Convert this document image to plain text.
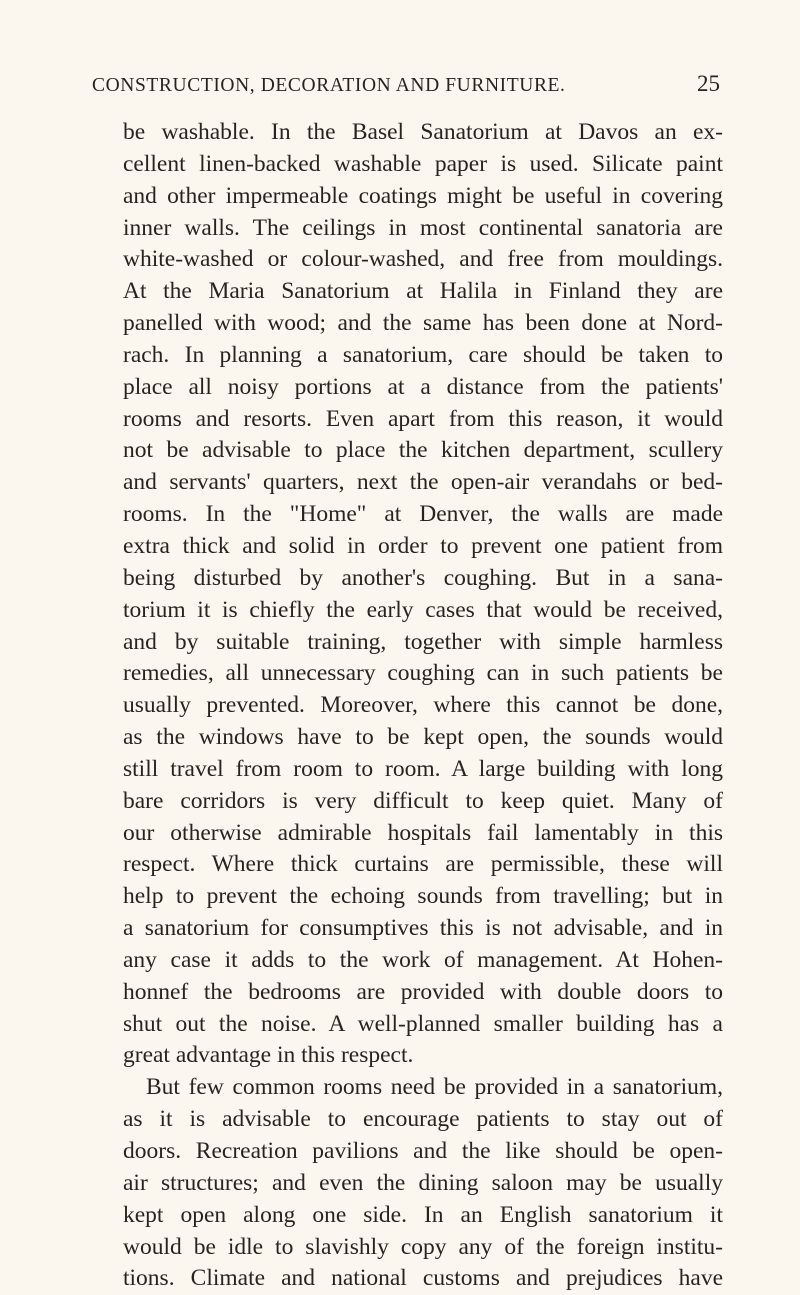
CONSTRUCTION, DECORATION AND FURNITURE.	25
be washable. In the Basel Sanatorium at Davos an ex-
cellent linen-backed washable paper is used. Silicate paint
and other impermeable coatings might be useful in covering
inner walls. The ceilings in most continental sanatoria are
white-washed or colour-washed, and free from mouldings.
At the Maria Sanatorium at Halila in Finland they are
panelled with wood; and the same has been done at Nord-
rach. In planning a sanatorium, care should be taken to
place all noisy portions at a distance from the patients'
rooms and resorts. Even apart from this reason, it would
not be advisable to place the kitchen department, scullery
and servants' quarters, next the open-air verandahs or bed-
rooms. In the "Home" at Denver, the walls are made
extra thick and solid in order to prevent one patient from
being disturbed by another's coughing. But in a sana-
torium it is chiefly the early cases that would be received,
and by suitable training, together with simple harmless
remedies, all unnecessary coughing can in such patients be
usually prevented. Moreover, where this cannot be done,
as the windows have to be kept open, the sounds would
still travel from room to room. A large building with long
bare corridors is very difficult to keep quiet. Many of
our otherwise admirable hospitals fail lamentably in this
respect. Where thick curtains are permissible, these will
help to prevent the echoing sounds from travelling; but in
a sanatorium for consumptives this is not advisable, and in
any case it adds to the work of management. At Hohen-
honnef the bedrooms are provided with double doors to
shut out the noise. A well-planned smaller building has a
great advantage in this respect.
But few common rooms need be provided in a sanatorium,
as it is advisable to encourage patients to stay out of
doors. Recreation pavilions and the like should be open-
air structures; and even the dining saloon may be usually
kept open along one side. In an English sanatorium it
would be idle to slavishly copy any of the foreign institu-
tions. Climate and national customs and prejudices have
